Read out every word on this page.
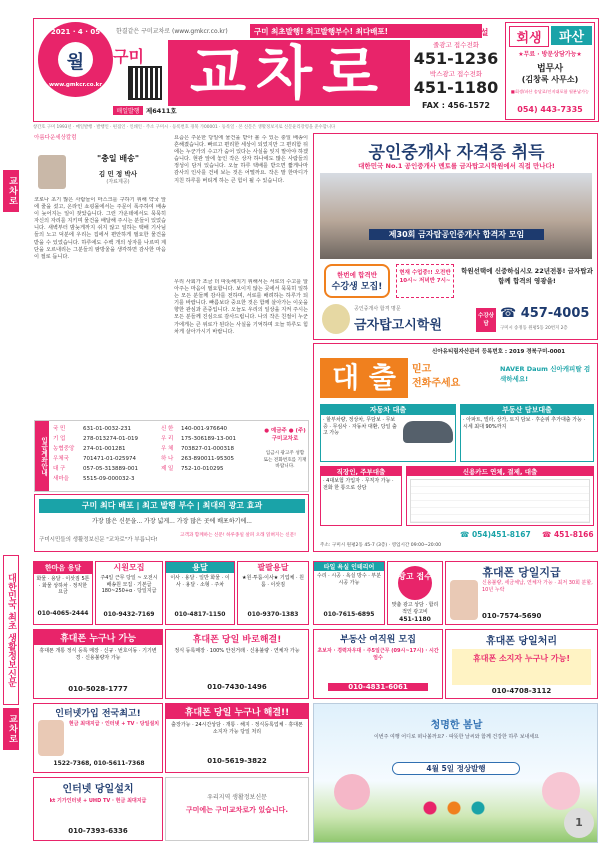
2021 · 4 · 05
월
www.gmkcr.co.kr
한결같은 구미교차로 (www.gmkcr.co.kr)	구미 최초발행! 최고발행부수! 최다배포!
구미
매일발행 제6411호
교차로
아름다운 사회건설
줄광고 접수전화
451-1236
박스광고 접수전화
451-1180
FAX : 456-1572
회생	파산
★무료 · 방문상담가능★
법무사
(김창록 사무소)
■회생/파산 송달료/인지대포함 월분납가능
054) 443-7335
창간호 구미 1993년 · 매일발행 · 발행인 · 편집인 · 인쇄인 · 주소 구미시 · 등록번호 경북 가00001 · 등록일 · 본 신문은 생활정보지로 신문윤리강령을 준수합니다
교차로
대한민국 최초 생활정보신문
교차로
아름다운세상칼럼
"충일 배송"
김 민 정 박사
(자료제공)
코로나 초기 많은 사람들이 마스크를 구하기 위해 약국 앞에 줄을 섰고, 온라인 쇼핑몰에서는 주문이 폭주하여 배송이 늦어지는 일이 잦았습니다. 그런 가운데에서도 묵묵히 자신의 자리를 지키며 물건을 배달해 주시는 분들이 있었습니다. 새벽부터 밤늦게까지 쉬지 않고 일하는 택배 기사님들의 노고 덕분에 우리는 집에서 편안하게 필요한 물건을 받을 수 있었습니다. 하루에도 수백 개의 상자를 나르며 계단을 오르내리는 그분들의 땀방울을 생각하면 감사한 마음이 절로 듭니다.
요즘은 주문한 당일에 물건을 받아 볼 수 있는 충일 배송이 흔해졌습니다. 빠르고 편리한 세상이 되었지만 그 편리함 뒤에는 누군가의 수고가 숨어 있다는 사실을 잊지 말아야 하겠습니다. 현관 앞에 놓인 작은 상자 하나에도 많은 사람들의 정성이 담겨 있습니다. 오늘 하루 택배를 받으면 짧게나마 감사의 인사를 건네 보는 것은 어떨까요. 작은 말 한마디가 지친 하루를 버티게 하는 큰 힘이 될 수 있습니다.
우리 사회가 조금 더 따뜻해지기 위해서는 서로의 수고를 알아주는 마음이 필요합니다. 보이지 않는 곳에서 묵묵히 일하는 모든 분들께 감사를 전하며, 서로를 배려하는 하루가 되기를 바랍니다. 빠름보다 중요한 것은 함께 살아가는 이웃을 향한 관심과 존중입니다. 오늘도 우리의 일상을 지켜 주시는 모든 분들께 진심으로 감사드립니다. 나의 작은 친절이 누군가에게는 큰 위로가 된다는 사실을 기억하며 오늘 하루도 힘차게 살아가시기 바랍니다.
입금계좌안내
국 민	631-01-0032-231
기 업	278-013274-01-019
농협중앙 274-01-001281
우체국	701471-01-025974
대 구	057-05-313889-001
새마을	5515-09-000032-3
신 한 140-001-976640
우 리 175-306189-13-001
우 체 703827-01-000318
하 나 263-890011-95305
제 일 752-10-010295
● 예금주 ● (주)구미교차로
입금시 광고주 성함 또는 전화번호를 기재 바랍니다.
구미 최다 배포 | 최고 발행 부수 | 최대의 광고 효과
가장 많은 신문을... 가장 넓게... 가장 많은 곳에 배포하기에...
구미시민들의 생활정보신문 "교차로"가 부릅니다!
고객과 함께하는 신문! 하루종일 살펴 오래 읽혀지는 신문!
공인중개사 자격증 취득
대한민국 No.1 공인중개사 멘토를 금자탑고시학원에서 직접 만나다!
제30회 금자탑공인중개사 합격자 모임
한번에 합격반
수강생 모집!
현재 수업중!! 오전반 10시~ 저녁반 7시~
학원선택에 신중하십시오 22년전통! 금자탑과 함께 합격의 영광을!
공인중개사 합격 명문
금자탑고시학원
수강상담
☎ 457-4005
구미시 송정동 원평5동 20번지 2층
신아유티림자산관리 등록번호 : 2019 경북구미-0001
대 출	믿고
전화주세요
NAVER Daum 신아캐피탈 검색하세요!
자동차 대출
· 할부차량, 정상차, 무담보 · 무보증 · 무심사 · 자동차 대환, 당일 출고 가능
부동산 담보대출
· 아파트, 빌라, 상가, 토지 담보 · 후순위 추가대출 가능 · 시세 최대 90%까지
직장인, 주부대출
· 4대보험 가입자 · 무직자 가능 · 전화 한 통으로 상담
신용카드 연체, 결제, 대출
☎ 054)451-8167 ☎ 451-8166
주소: 구미시 원평2동 45-7 (3층) · 영업시간 09:00~20:00
한마음 용달
화물 · 용달 · 이삿짐 5톤 · 화물 상하차 · 정직한 요금
010-4065-2444
시원모집
주4일 근무 당일 ~ 오전시 배송원 모집 · 기본급 180~250+α · 당일지급
010-9432-7169
용달
이사 · 용달 · 일반 화물 · 이사 · 용달 · 소형 · 주차
010-4817-1150
팔팔용달
★원·투룸·이사★ 기업체 · 원룸 · 이삿짐
010-9370-1383
타일 욕실 인테리어
수리 · 시공 · 욕실 방수 · 부분 시공 가능
010-7615-6895
광고 접수
맞춤 광고 상담 · 합리적인 광고비
451-1180
휴대폰 당일지급
신용불량, 세금체납, 연체자 가능 · 최저 30회 분할, 10년 누락
010-7574-5690
휴대폰 누구나 가능
휴대폰 개통 정식 등록 매장 · 신규 · 번호이동 · 기기변경 · 신용불량자 가능
010-5028-1777
휴대폰 당일 바로해결!
정식 등록매장 · 100% 안전거래 · 신용불량 · 연체자 가능
010-7430-1496
부동산 여직원 모집
초보자 · 경력자우대 · 주5일근무 (09시~17시) · 시간엄수
010-4831-6061
휴대폰 당일처리
휴대폰 소지자 누구나 가능!
010-4708-3112
인터넷가입 전국최고!
현금 최대지급 · 인터넷 + TV · 당일설치
1522-7368, 010-5611-7368
휴대폰 당일 누구나 해결!!
출장가능 · 24시간상담 · 개통 · 해지 · 정식등록업체 · 휴대폰 소지자 가능 당일 처리
010-5619-3822
청명한 봄날
이번주 여행 어디로 떠나볼까요? · 따뜻한 날씨와 함께 건강한 하루 보내세요
4월 5일 정상발행
인터넷 당일설치
kt 기가인터넷 + UHD TV · 현금 최대지급
010-7393-6336
우리지역 생활정보신문
구미에는 구미교차로가 있습니다.
1
